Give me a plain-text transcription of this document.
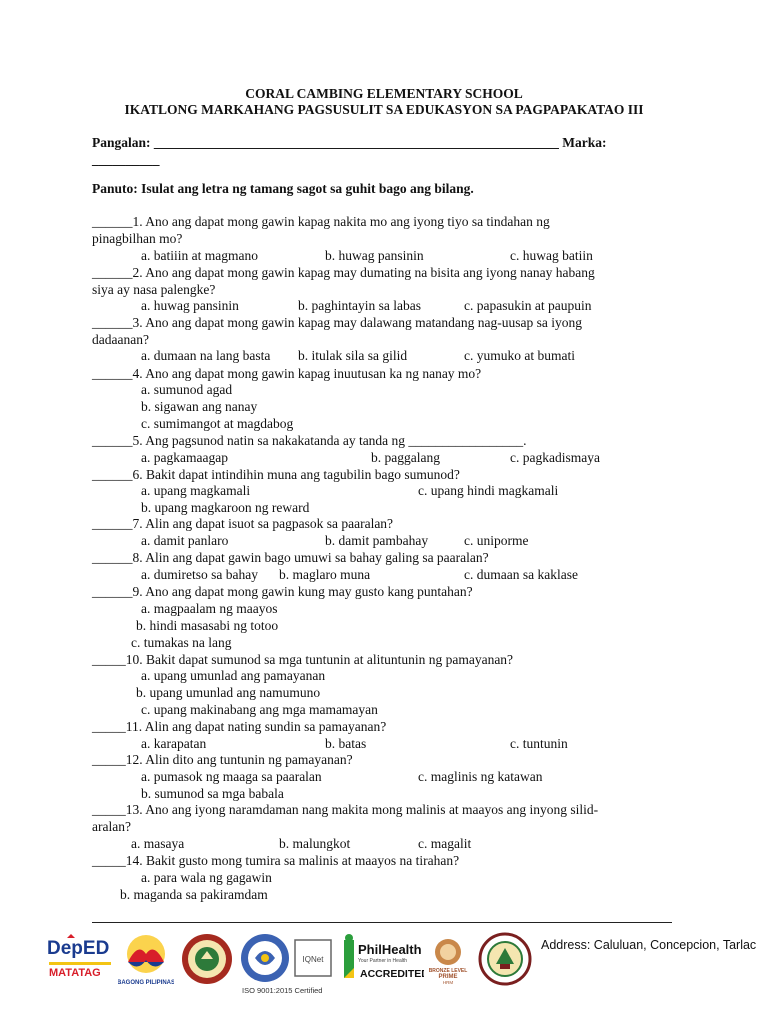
CORAL CAMBING ELEMENTARY SCHOOL
IKATLONG MARKAHANG PAGSUSULIT SA EDUKASYON SA PAGPAPAKATAO III
Pangalan: ____________________________________________________________ Marka:
__________
Panuto: Isulat ang letra ng tamang sagot sa guhit bago ang bilang.
______1. Ano ang dapat mong gawin kapag nakita mo ang iyong tiyo sa tindahan ng
pinagbilhan mo?
a. batiiin at magmano	b. huwag pansinin	c. huwag batiin
______2. Ano ang dapat mong gawin kapag may dumating na bisita ang iyong nanay habang
siya ay nasa palengke?
a. huwag pansinin	b. paghintayin sa labas	c. papasukin at paupuin
______3. Ano ang dapat mong gawin kapag may dalawang matandang nag-uusap sa iyong
dadaanan?
a. dumaan na lang basta b. itulak sila sa gilid	c. yumuko at bumati
______4. Ano ang dapat mong gawin kapag inuutusan ka ng nanay mo?
a. sumunod agad
b. sigawan ang nanay
c. sumimangot at magdabog
______5. Ang pagsunod natin sa nakakatanda ay tanda ng _________________.
a. pagkamaagap	b. paggalang	c. pagkadismaya
______6. Bakit dapat intindihin muna ang tagubilin bago sumunod?
a. upang magkamali	c. upang hindi magkamali
b. upang magkaroon ng reward
______7. Alin ang dapat isuot sa pagpasok sa paaralan?
a. damit panlaro	b. damit pambahay	c. uniporme
______8. Alin ang dapat gawin bago umuwi sa bahay galing sa paaralan?
a. dumiretso sa bahay b. maglaro muna	c. dumaan sa kaklase
______9. Ano ang dapat mong gawin kung may gusto kang puntahan?
a. magpaalam ng maayos
b. hindi masasabi ng totoo
c. tumakas na lang
_____10. Bakit dapat sumunod sa mga tuntunin at alituntunin ng pamayanan?
a. upang umunlad ang pamayanan
b. upang umunlad ang namumuno
c. upang makinabang ang mga mamamayan
_____11. Alin ang dapat nating sundin sa pamayanan?
a. karapatan	b. batas	c. tuntunin
_____12. Alin dito ang tuntunin ng pamayanan?
a. pumasok ng maaga sa paaralan	c. maglinis ng katawan
b. sumunod sa mga babala
_____13. Ano ang iyong naramdaman nang makita mong malinis at maayos ang inyong silid-
aralan?
a. masaya	b. malungkot	c. magalit
_____14. Bakit gusto mong tumira sa malinis at maayos na tirahan?
a. para wala ng gagawin
b. maganda sa pakiramdam
DepED
MATATAG
BAGONG PILIPINAS
ISO 9001:2015 Certified
IQNet
PhilHealth
Your Partner in Health
ACCREDITED BRONZE LEVEL
PRIME
HRM
Address: Caluluan, Concepcion, Tarlac
